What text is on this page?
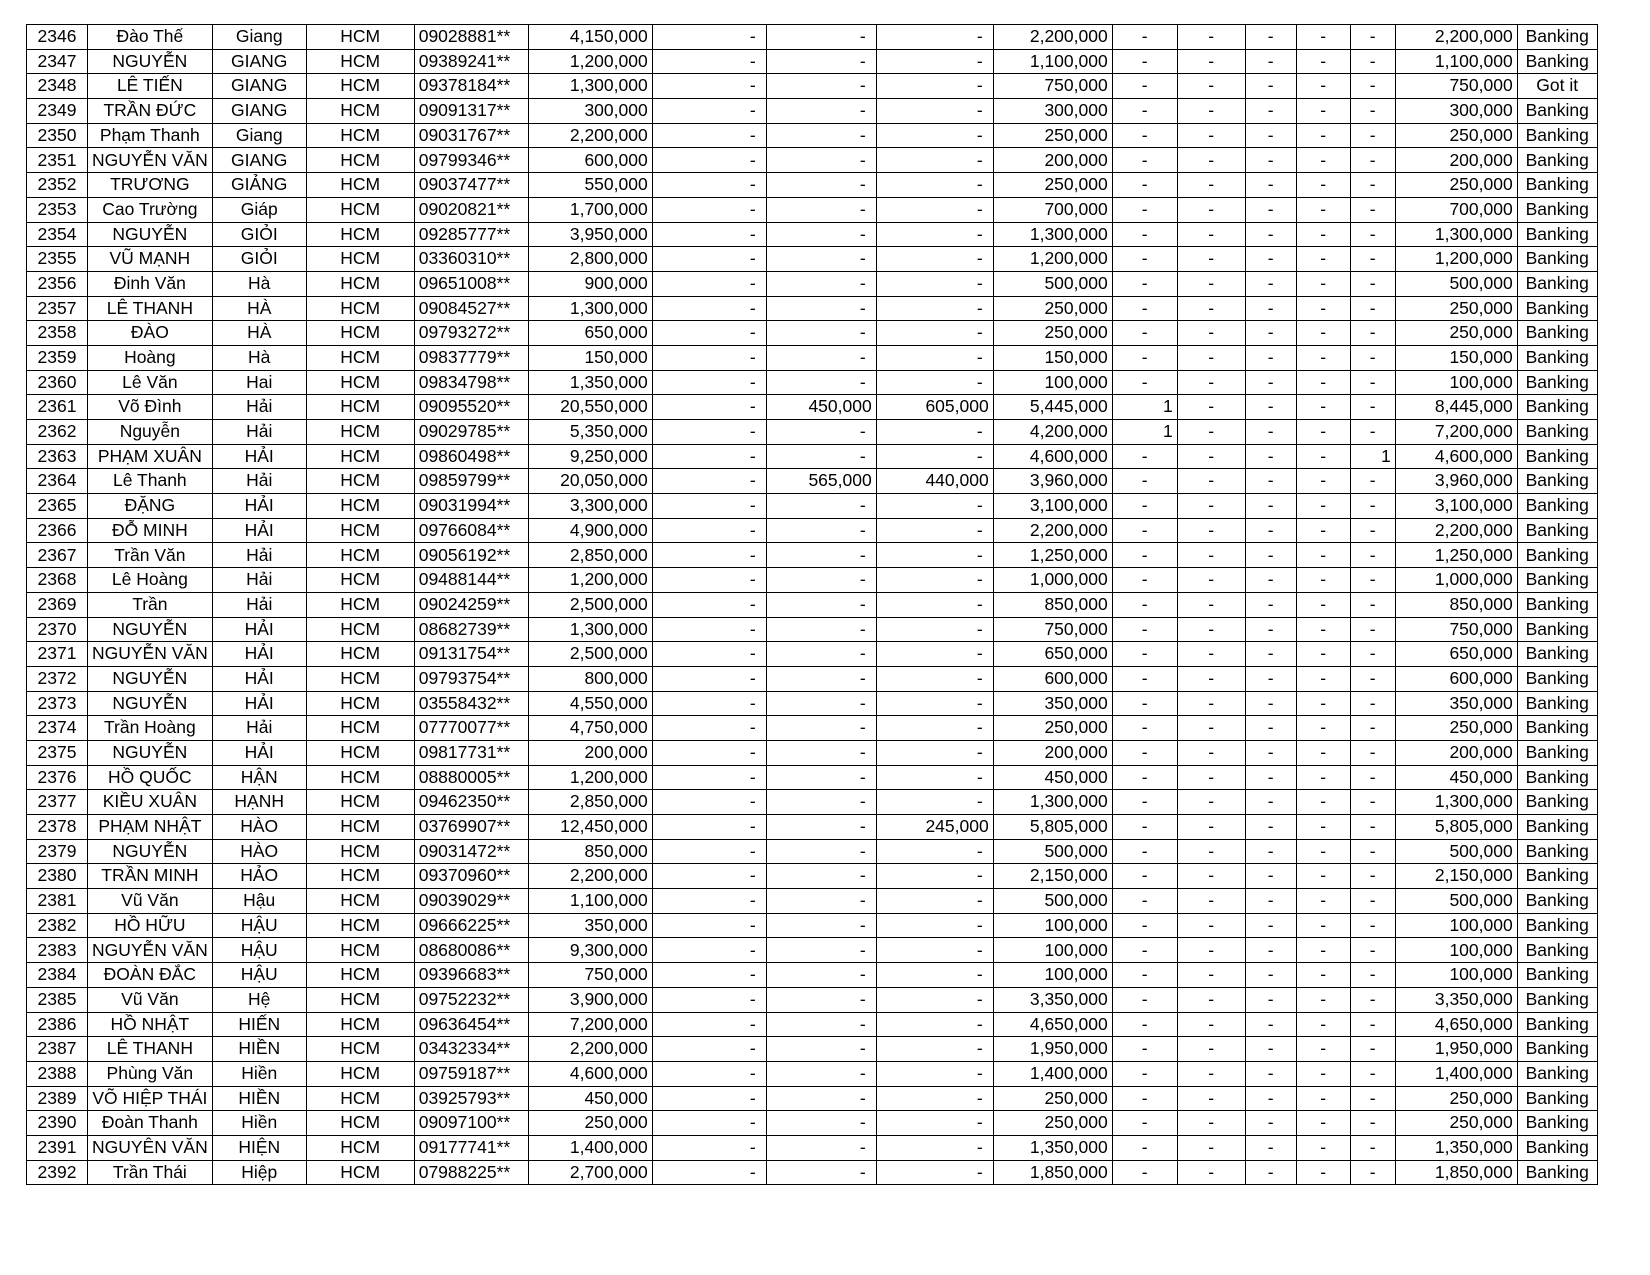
2346	Đào Thế	Giang	HCM	09028881**	4,150,000	-	-	-	2,200,000	-	-	-	-	-	2,200,000	Banking
2347	NGUYỄN	GIANG	HCM	09389241**	1,200,000	-	-	-	1,100,000	-	-	-	-	-	1,100,000	Banking
2348	LÊ TIẾN	GIANG	HCM	09378184**	1,300,000	-	-	-	750,000	-	-	-	-	-	750,000	Got it
2349	TRẦN ĐỨC	GIANG	HCM	09091317**	300,000	-	-	-	300,000	-	-	-	-	-	300,000	Banking
2350	Phạm Thanh	Giang	HCM	09031767**	2,200,000	-	-	-	250,000	-	-	-	-	-	250,000	Banking
2351	NGUYỄN VĂN	GIANG	HCM	09799346**	600,000	-	-	-	200,000	-	-	-	-	-	200,000	Banking
2352	TRƯƠNG	GIẢNG	HCM	09037477**	550,000	-	-	-	250,000	-	-	-	-	-	250,000	Banking
2353	Cao Trường	Giáp	HCM	09020821**	1,700,000	-	-	-	700,000	-	-	-	-	-	700,000	Banking
2354	NGUYỄN	GIỎI	HCM	09285777**	3,950,000	-	-	-	1,300,000	-	-	-	-	-	1,300,000	Banking
2355	VŨ MẠNH	GIỎI	HCM	03360310**	2,800,000	-	-	-	1,200,000	-	-	-	-	-	1,200,000	Banking
2356	Đinh Văn	Hà	HCM	09651008**	900,000	-	-	-	500,000	-	-	-	-	-	500,000	Banking
2357	LÊ THANH	HÀ	HCM	09084527**	1,300,000	-	-	-	250,000	-	-	-	-	-	250,000	Banking
2358	ĐÀO	HÀ	HCM	09793272**	650,000	-	-	-	250,000	-	-	-	-	-	250,000	Banking
2359	Hoàng	Hà	HCM	09837779**	150,000	-	-	-	150,000	-	-	-	-	-	150,000	Banking
2360	Lê Văn	Hai	HCM	09834798**	1,350,000	-	-	-	100,000	-	-	-	-	-	100,000	Banking
2361	Võ Đình	Hải	HCM	09095520**	20,550,000	-	450,000	605,000	5,445,000	1	-	-	-	-	8,445,000	Banking
2362	Nguyễn	Hải	HCM	09029785**	5,350,000	-	-	-	4,200,000	1	-	-	-	-	7,200,000	Banking
2363	PHẠM XUÂN	HẢI	HCM	09860498**	9,250,000	-	-	-	4,600,000	-	-	-	-	1	4,600,000	Banking
2364	Lê Thanh	Hải	HCM	09859799**	20,050,000	-	565,000	440,000	3,960,000	-	-	-	-	-	3,960,000	Banking
2365	ĐẶNG	HẢI	HCM	09031994**	3,300,000	-	-	-	3,100,000	-	-	-	-	-	3,100,000	Banking
2366	ĐỖ MINH	HẢI	HCM	09766084**	4,900,000	-	-	-	2,200,000	-	-	-	-	-	2,200,000	Banking
2367	Trần Văn	Hải	HCM	09056192**	2,850,000	-	-	-	1,250,000	-	-	-	-	-	1,250,000	Banking
2368	Lê Hoàng	Hải	HCM	09488144**	1,200,000	-	-	-	1,000,000	-	-	-	-	-	1,000,000	Banking
2369	Trần	Hải	HCM	09024259**	2,500,000	-	-	-	850,000	-	-	-	-	-	850,000	Banking
2370	NGUYỄN	HẢI	HCM	08682739**	1,300,000	-	-	-	750,000	-	-	-	-	-	750,000	Banking
2371	NGUYỄN VĂN	HẢI	HCM	09131754**	2,500,000	-	-	-	650,000	-	-	-	-	-	650,000	Banking
2372	NGUYỄN	HẢI	HCM	09793754**	800,000	-	-	-	600,000	-	-	-	-	-	600,000	Banking
2373	NGUYỄN	HẢI	HCM	03558432**	4,550,000	-	-	-	350,000	-	-	-	-	-	350,000	Banking
2374	Trần Hoàng	Hải	HCM	07770077**	4,750,000	-	-	-	250,000	-	-	-	-	-	250,000	Banking
2375	NGUYỄN	HẢI	HCM	09817731**	200,000	-	-	-	200,000	-	-	-	-	-	200,000	Banking
2376	HỒ QUỐC	HẬN	HCM	08880005**	1,200,000	-	-	-	450,000	-	-	-	-	-	450,000	Banking
2377	KIỀU XUÂN	HẠNH	HCM	09462350**	2,850,000	-	-	-	1,300,000	-	-	-	-	-	1,300,000	Banking
2378	PHẠM NHẬT	HÀO	HCM	03769907**	12,450,000	-	-	245,000	5,805,000	-	-	-	-	-	5,805,000	Banking
2379	NGUYỄN	HÀO	HCM	09031472**	850,000	-	-	-	500,000	-	-	-	-	-	500,000	Banking
2380	TRẦN MINH	HẢO	HCM	09370960**	2,200,000	-	-	-	2,150,000	-	-	-	-	-	2,150,000	Banking
2381	Vũ Văn	Hậu	HCM	09039029**	1,100,000	-	-	-	500,000	-	-	-	-	-	500,000	Banking
2382	HỒ HỮU	HẬU	HCM	09666225**	350,000	-	-	-	100,000	-	-	-	-	-	100,000	Banking
2383	NGUYỄN VĂN	HẬU	HCM	08680086**	9,300,000	-	-	-	100,000	-	-	-	-	-	100,000	Banking
2384	ĐOÀN ĐẮC	HẬU	HCM	09396683**	750,000	-	-	-	100,000	-	-	-	-	-	100,000	Banking
2385	Vũ Văn	Hệ	HCM	09752232**	3,900,000	-	-	-	3,350,000	-	-	-	-	-	3,350,000	Banking
2386	HỒ NHẬT	HIẾN	HCM	09636454**	7,200,000	-	-	-	4,650,000	-	-	-	-	-	4,650,000	Banking
2387	LÊ THANH	HIỀN	HCM	03432334**	2,200,000	-	-	-	1,950,000	-	-	-	-	-	1,950,000	Banking
2388	Phùng Văn	Hiền	HCM	09759187**	4,600,000	-	-	-	1,400,000	-	-	-	-	-	1,400,000	Banking
2389	VÕ HIỆP THÁI	HIỀN	HCM	03925793**	450,000	-	-	-	250,000	-	-	-	-	-	250,000	Banking
2390	Đoàn Thanh	Hiền	HCM	09097100**	250,000	-	-	-	250,000	-	-	-	-	-	250,000	Banking
2391	NGUYÊN VĂN	HIỆN	HCM	09177741**	1,400,000	-	-	-	1,350,000	-	-	-	-	-	1,350,000	Banking
2392	Trần Thái	Hiệp	HCM	07988225**	2,700,000	-	-	-	1,850,000	-	-	-	-	-	1,850,000	Banking
